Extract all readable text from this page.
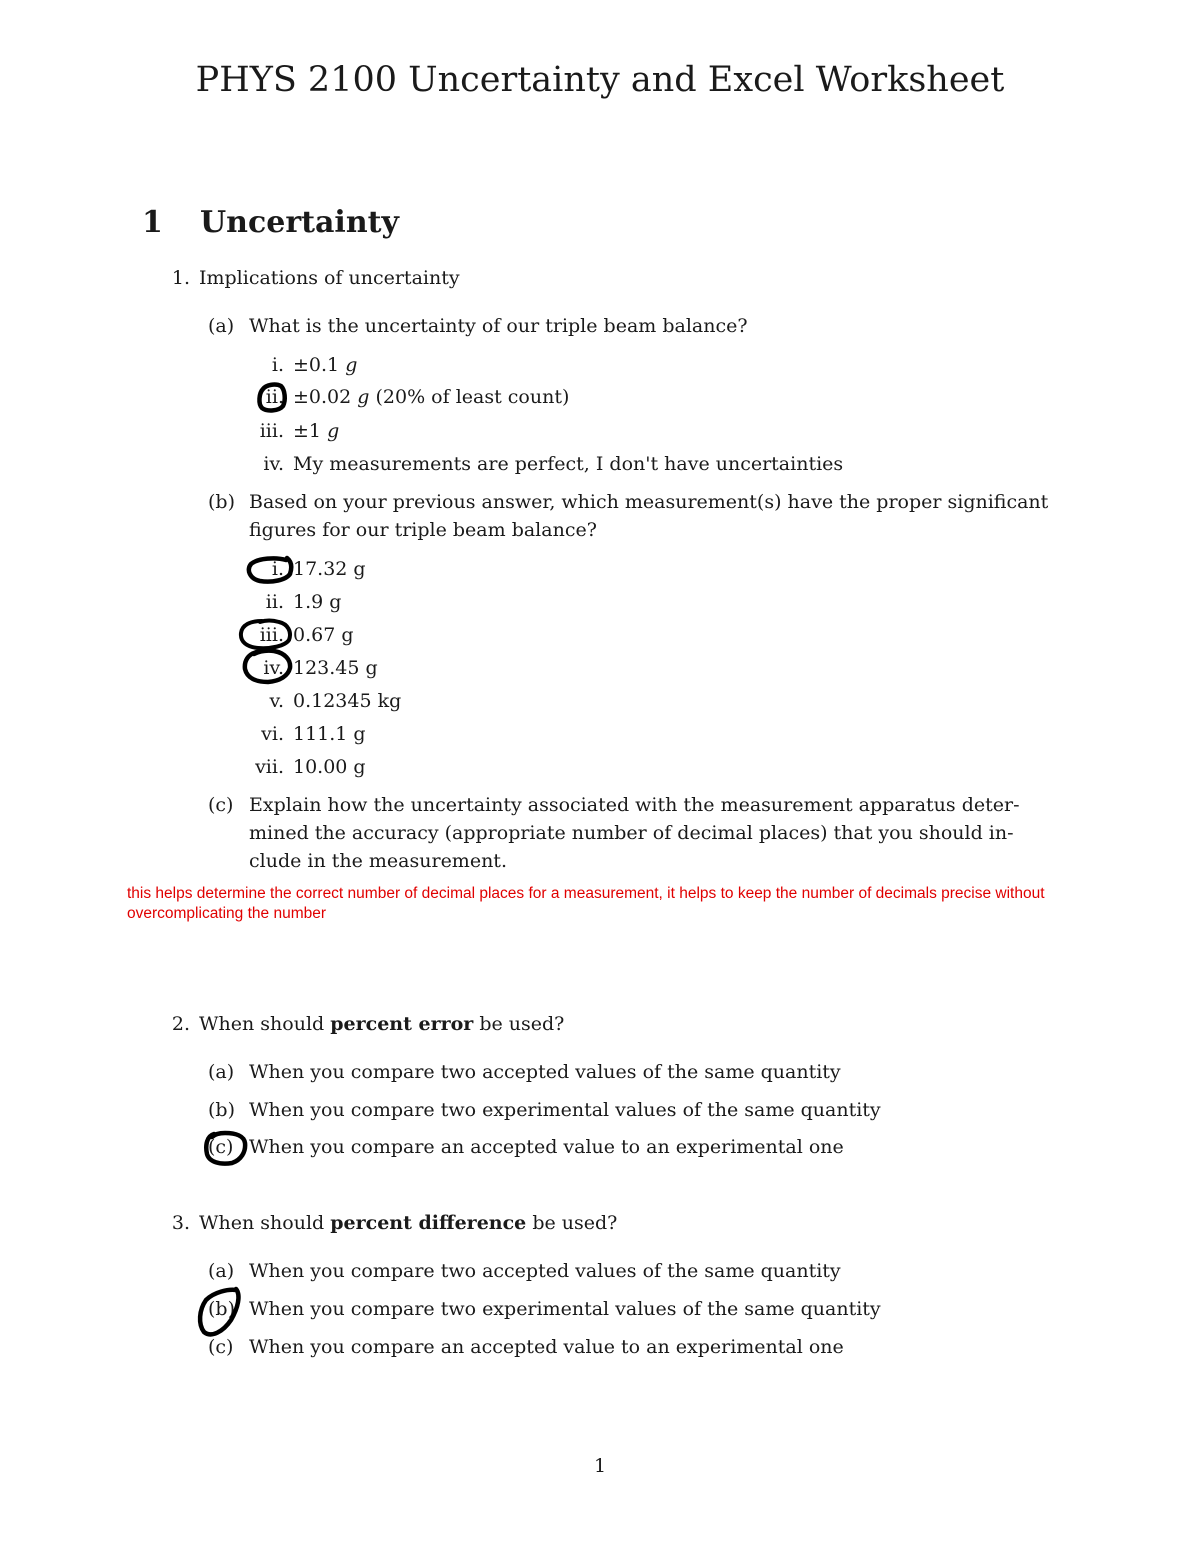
PHYS 2100 Uncertainty and Excel Worksheet
1 Uncertainty
1. Implications of uncertainty
(a) What is the uncertainty of our triple beam balance?
i. ±0.1 g
ii. ±0.02 g (20% of least count)
iii. ±1 g
iv. My measurements are perfect, I don't have uncertainties
(b) Based on your previous answer, which measurement(s) have the proper significant
figures for our triple beam balance?
i. 17.32 g
ii. 1.9 g
iii. 0.67 g
iv. 123.45 g
v. 0.12345 kg
vi. 111.1 g
vii. 10.00 g
(c) Explain how the uncertainty associated with the measurement apparatus deter-
mined the accuracy (appropriate number of decimal places) that you should in-
clude in the measurement.
this helps determine the correct number of decimal places for a measurement, it helps to keep the number of decimals precise without overcomplicating the number
2. When should percent error be used?
(a) When you compare two accepted values of the same quantity
(b) When you compare two experimental values of the same quantity
(c) When you compare an accepted value to an experimental one
3. When should percent difference be used?
(a) When you compare two accepted values of the same quantity
(b) When you compare two experimental values of the same quantity
(c) When you compare an accepted value to an experimental one
1
